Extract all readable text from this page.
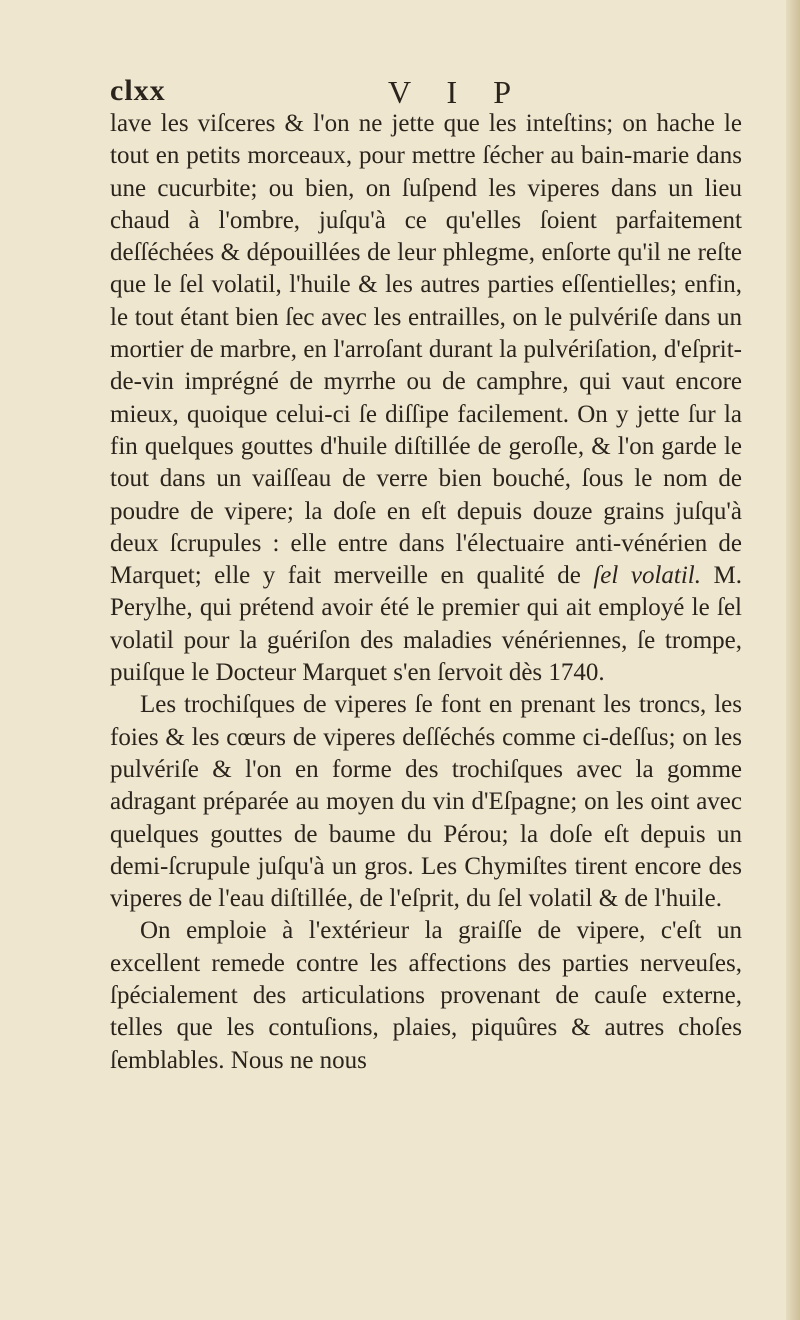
clxx	V I P

lave les viſceres & l'on ne jette que les inteſtins; on hache le tout en petits morceaux, pour mettre ſécher au bain-marie dans une cucurbite; ou bien, on ſuſpend les viperes dans un lieu chaud à l'ombre, juſqu'à ce qu'elles ſoient parfaitement deſſéchées & dépouillées de leur phlegme, enſorte qu'il ne reſte que le ſel volatil, l'huile & les autres parties eſſentielles; enfin, le tout étant bien ſec avec les entrailles, on le pulvériſe dans un mortier de marbre, en l'arroſant durant la pulvériſation, d'eſprit-de-vin imprégné de myrrhe ou de camphre, qui vaut encore mieux, quoique celui-ci ſe diſſipe facilement. On y jette ſur la fin quelques gouttes d'huile diſtillée de geroſle, & l'on garde le tout dans un vaiſſeau de verre bien bouché, ſous le nom de poudre de vipere; la doſe en eſt depuis douze grains juſqu'à deux ſcrupules : elle entre dans l'électuaire anti-vénérien de Marquet; elle y fait merveille en qualité de ſel volatil. M. Perylhe, qui prétend avoir été le premier qui ait employé le ſel volatil pour la guériſon des maladies vénériennes, ſe trompe, puiſque le Docteur Marquet s'en ſervoit dès 1740.

Les trochiſques de viperes ſe font en prenant les troncs, les foies & les cœurs de viperes deſſéchés comme ci-deſſus; on les pulvériſe & l'on en forme des trochiſques avec la gomme adragant préparée au moyen du vin d'Eſpagne; on les oint avec quelques gouttes de baume du Pérou; la doſe eſt depuis un demi-ſcrupule juſqu'à un gros. Les Chymiſtes tirent encore des viperes de l'eau diſtillée, de l'eſprit, du ſel volatil & de l'huile.

On emploie à l'extérieur la graiſſe de vipere, c'eſt un excellent remede contre les affections des parties nerveuſes, ſpécialement des articulations provenant de cauſe externe, telles que les contuſions, plaies, piquûres & autres choſes ſemblables. Nous ne nous
